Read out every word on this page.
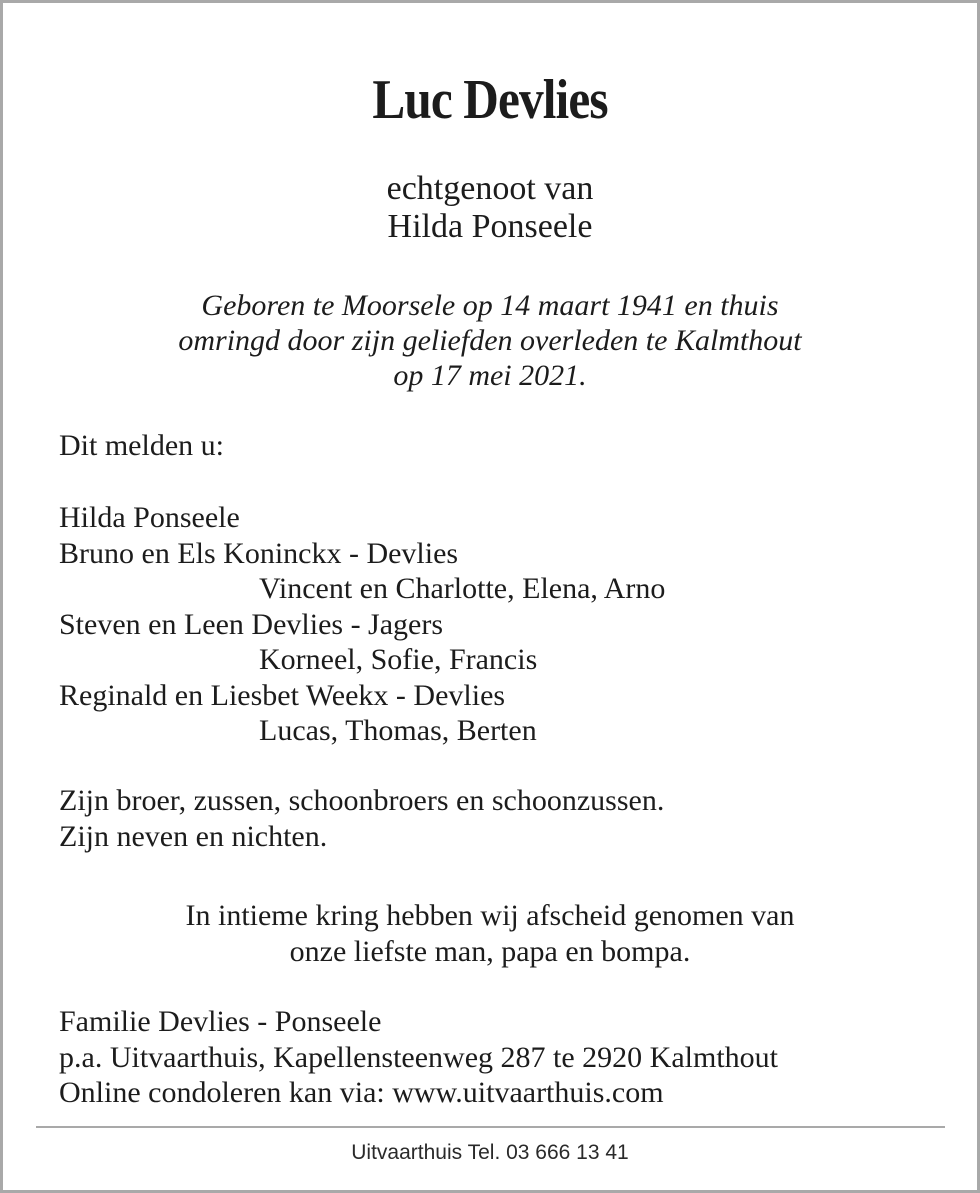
Luc Devlies
echtgenoot van
Hilda Ponseele
Geboren te Moorsele op 14 maart 1941 en thuis
omringd door zijn geliefden overleden te Kalmthout
op 17 mei 2021.
Dit melden u:
Hilda Ponseele
Bruno en Els Koninckx - Devlies
Vincent en Charlotte, Elena, Arno
Steven en Leen Devlies - Jagers
Korneel, Sofie, Francis
Reginald en Liesbet Weekx - Devlies
Lucas, Thomas, Berten
Zijn broer, zussen, schoonbroers en schoonzussen.
Zijn neven en nichten.
In intieme kring hebben wij afscheid genomen van
onze liefste man, papa en bompa.
Familie Devlies - Ponseele
p.a. Uitvaarthuis, Kapellensteenweg 287 te 2920 Kalmthout
Online condoleren kan via: www.uitvaarthuis.com
Uitvaarthuis Tel. 03 666 13 41
